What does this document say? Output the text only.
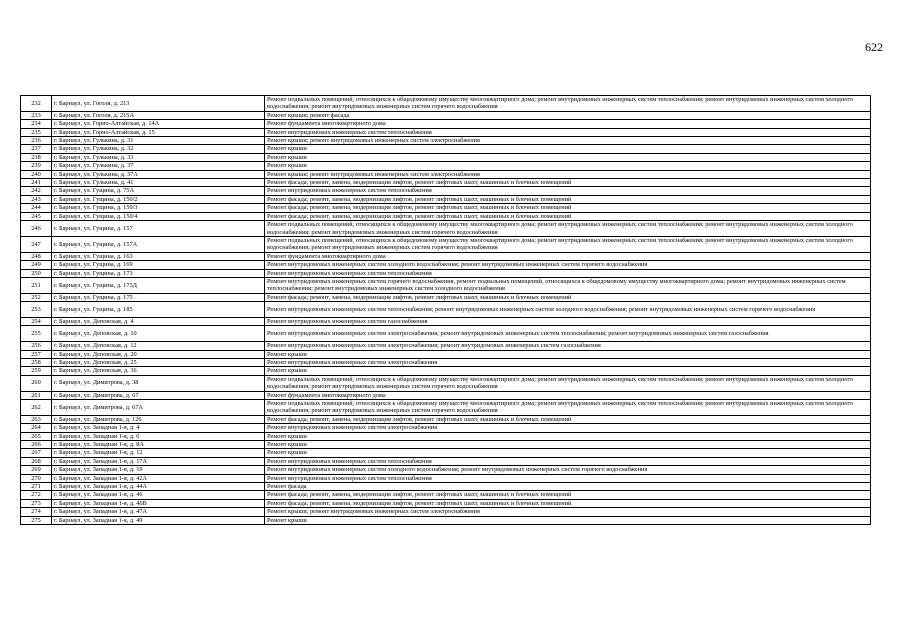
622
232	г. Барнаул, ул. Гоголя, д. 213	Ремонт подвальных помещений, относящихся к общедомовому имуществу многоквартирного дома; ремонт внутридомовых инженерных систем теплоснабжения; ремонт внутридомовых инженерных систем холодного водоснабжения; ремонт внутридомовых инженерных систем горячего водоснабжения
233	г. Барнаул, ул. Гоголя, д. 215А	Ремонт крыши; ремонт фасада
234	г. Барнаул, ул. Горно-Алтайская, д. 14А	Ремонт фундамента многоквартирного дома
235	г. Барнаул, ул. Горно-Алтайская, д. 15	Ремонт внутридомовых инженерных систем теплоснабжения
236	г. Барнаул, ул. Гулькина, д. 31	Ремонт крыши; ремонт внутридомовых инженерных систем электроснабжения
237	г. Барнаул, ул. Гулькина, д. 32	Ремонт крыши
238	г. Барнаул, ул. Гулькина, д. 33	Ремонт крыши
239	г. Барнаул, ул. Гулькина, д. 37	Ремонт крыши
240	г. Барнаул, ул. Гулькина, д. 37А	Ремонт крыши; ремонт внутридомовых инженерных систем электроснабжения
241	г. Барнаул, ул. Гулькина, д. 41	Ремонт фасада; ремонт, замена, модернизация лифтов, ремонт лифтовых шахт, машинных и блочных помещений
242	г. Барнаул, ул. Гущина, д. 75А	Ремонт внутридомовых инженерных систем теплоснабжения
243	г. Барнаул, ул. Гущина, д. 150/2	Ремонт фасада; ремонт, замена, модернизация лифтов, ремонт лифтовых шахт, машинных и блочных помещений
244	г. Барнаул, ул. Гущина, д. 150/3	Ремонт фасада; ремонт, замена, модернизация лифтов, ремонт лифтовых шахт, машинных и блочных помещений
245	г. Барнаул, ул. Гущина, д. 150/4	Ремонт фасада; ремонт, замена, модернизация лифтов, ремонт лифтовых шахт, машинных и блочных помещений
246	г. Барнаул, ул. Гущина, д. 157	Ремонт подвальных помещений, относящихся к общедомовому имуществу многоквартирного дома; ремонт внутридомовых инженерных систем теплоснабжения; ремонт внутридомовых инженерных систем холодного водоснабжения; ремонт внутридомовых инженерных систем горячего водоснабжения
247	г. Барнаул, ул. Гущина, д. 157А	Ремонт подвальных помещений, относящихся к общедомовому имуществу многоквартирного дома; ремонт внутридомовых инженерных систем теплоснабжения; ремонт внутридомовых инженерных систем холодного водоснабжения; ремонт внутридомовых инженерных систем горячего водоснабжения
248	г. Барнаул, ул. Гущина, д. 163	Ремонт фундамента многоквартирного дома
249	г. Барнаул, ул. Гущина, д. 169	Ремонт внутридомовых инженерных систем холодного водоснабжения; ремонт внутридомовых инженерных систем горячего водоснабжения
250	г. Барнаул, ул. Гущина, д. 173	Ремонт внутридомовых инженерных систем теплоснабжения
251	г. Барнаул, ул. Гущина, д. 173Д	Ремонт внутридомовых инженерных систем горячего водоснабжения, ремонт подвальных помещений, относящихся к общедомовому имуществу многоквартирного дома; ремонт внутридомовых инженерных систем теплоснабжения; ремонт внутридомовых инженерных систем холодного водоснабжения
252	г. Барнаул, ул. Гущина, д. 175	Ремонт фасада; ремонт, замена, модернизация лифтов, ремонт лифтовых шахт, машинных и блочных помещений
253	г. Барнаул, ул. Гущина, д. 185	Ремонт внутридомовых инженерных систем теплоснабжения; ремонт внутридомовых инженерных систем холодного водоснабжения; ремонт внутридомовых инженерных систем горячего водоснабжения
254	г. Барнаул, ул. Деповская, д. 4	Ремонт внутридомовых инженерных систем газоснабжения
255	г. Барнаул, ул. Деповская, д. 10	Ремонт внутридомовых инженерных систем электроснабжения; ремонт внутридомовых инженерных систем теплоснабжения; ремонт внутридомовых инженерных систем газоснабжения
256	г. Барнаул, ул. Деповская, д. 12	Ремонт внутридомовых инженерных систем электроснабжения; ремонт внутридомовых инженерных систем газоснабжения
257	г. Барнаул, ул. Деповская, д. 20	Ремонт крыши
258	г. Барнаул, ул. Деповская, д. 25	Ремонт внутридомовых инженерных систем электроснабжения
259	г. Барнаул, ул. Деповская, д. 36	Ремонт крыши
260	г. Барнаул, ул. Димитрова, д. 38	Ремонт подвальных помещений, относящихся к общедомовому имуществу многоквартирного дома; ремонт внутридомовых инженерных систем теплоснабжения; ремонт внутридомовых инженерных систем холодного водоснабжения; ремонт внутридомовых инженерных систем горячего водоснабжения
261	г. Барнаул, ул. Димитрова, д. 67	Ремонт фундамента многоквартирного дома
262	г. Барнаул, ул. Димитрова, д. 67А	Ремонт подвальных помещений, относящихся к общедомовому имуществу многоквартирного дома; ремонт внутридомовых инженерных систем теплоснабжения; ремонт внутридомовых инженерных систем холодного водоснабжения; ремонт внутридомовых инженерных систем горячего водоснабжения
263	г. Барнаул, ул. Димитрова, д. 126	Ремонт фасада; ремонт, замена, модернизация лифтов, ремонт лифтовых шахт, машинных и блочных помещений
264	г. Барнаул, ул. Западная 1-я, д. 4	Ремонт внутридомовых инженерных систем электроснабжения
265	г. Барнаул, ул. Западная 1-я, д. 6	Ремонт крыши
266	г. Барнаул, ул. Западная 1-я, д. 8А	Ремонт крыши
267	г. Барнаул, ул. Западная 1-я, д. 12	Ремонт крыши
268	г. Барнаул, ул. Западная 1-я, д. 17А	Ремонт внутридомовых инженерных систем теплоснабжения
269	г. Барнаул, ул. Западная 1-я, д. 19	Ремонт внутридомовых инженерных систем холодного водоснабжения; ремонт внутридомовых инженерных систем горячего водоснабжения
270	г. Барнаул, ул. Западная 1-я, д. 42А	Ремонт внутридомовых инженерных систем теплоснабжения
271	г. Барнаул, ул. Западная 1-я, д. 44А	Ремонт фасада
272	г. Барнаул, ул. Западная 1-я, д. 46	Ремонт фасада; ремонт, замена, модернизация лифтов, ремонт лифтовых шахт, машинных и блочных помещений
273	г. Барнаул, ул. Западная 1-я, д. 46В	Ремонт фасада; ремонт, замена, модернизация лифтов, ремонт лифтовых шахт, машинных и блочных помещений
274	г. Барнаул, ул. Западная 1-я, д. 47А	Ремонт крыши; ремонт внутридомовых инженерных систем электроснабжения
275	г. Барнаул, ул. Западная 1-я, д. 49	Ремонт крыши
